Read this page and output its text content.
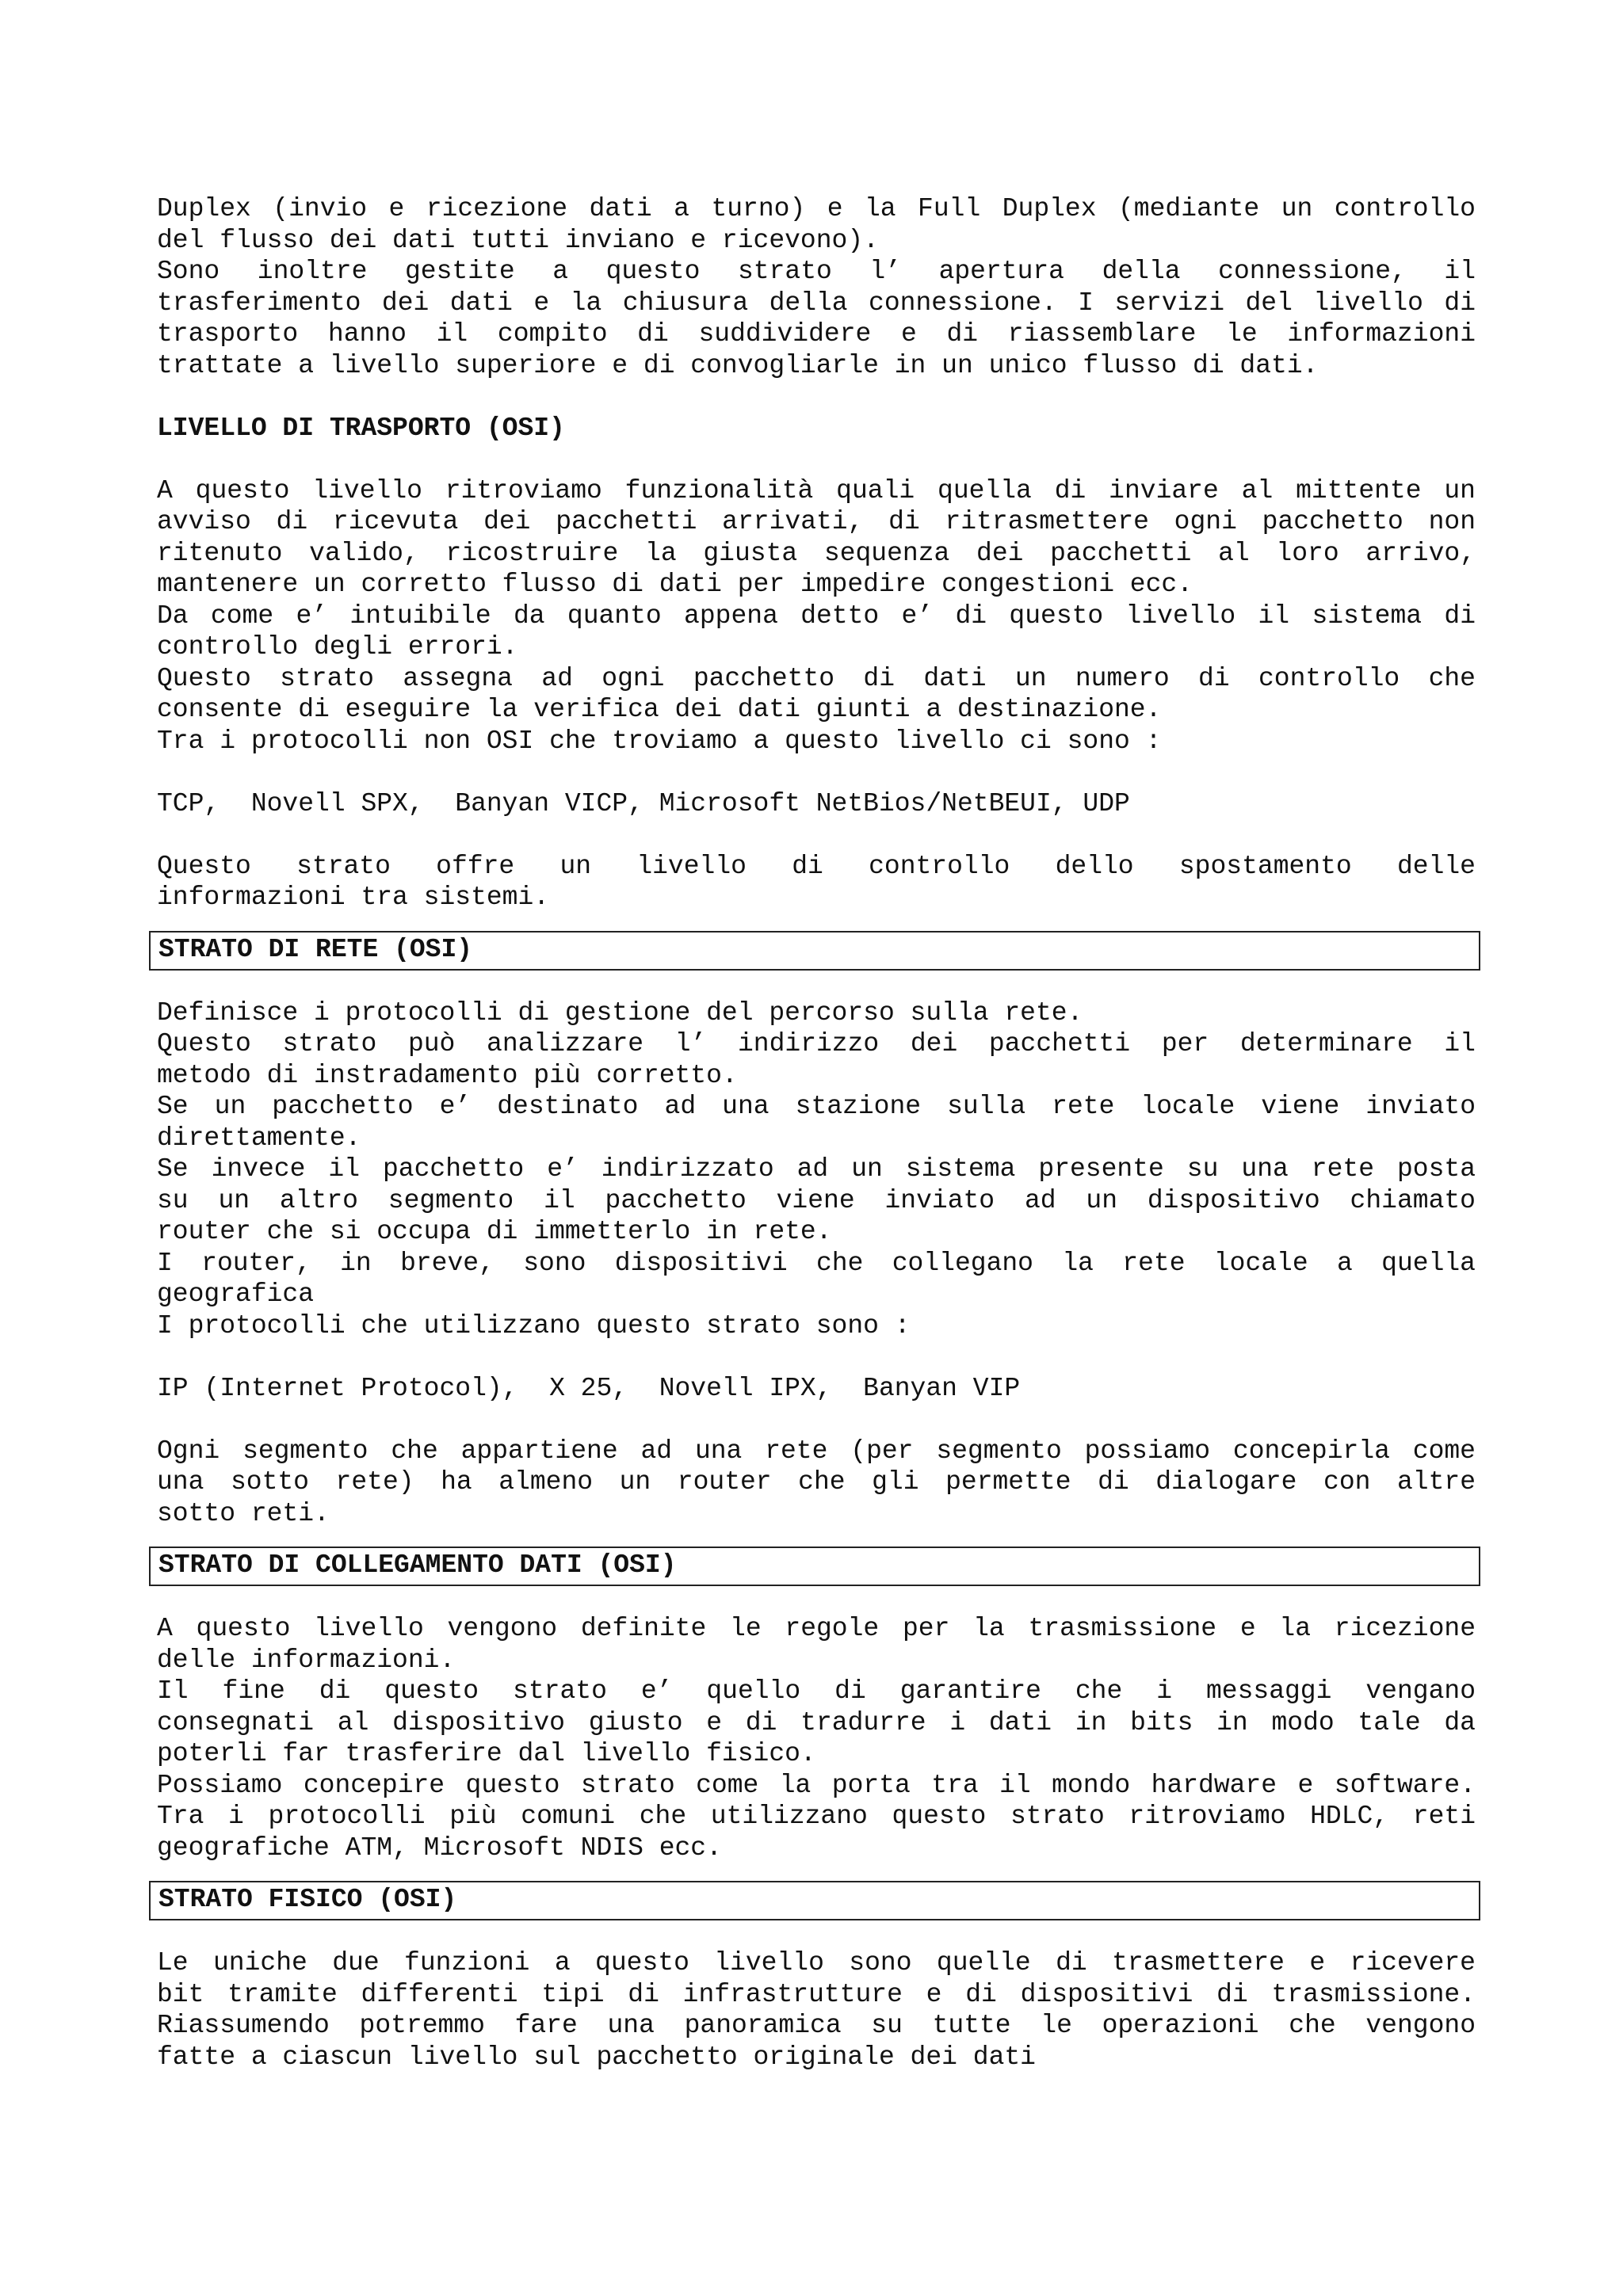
Duplex (invio e ricezione dati a turno) e la Full Duplex (mediante un controllo
del flusso dei dati tutti inviano e ricevono).
Sono inoltre gestite a questo strato l’ apertura della connessione, il
trasferimento dei dati e la chiusura della connessione. I servizi del livello di
trasporto hanno il compito di suddividere e di riassemblare le informazioni
trattate a livello superiore e di convogliarle in un unico flusso di dati.
LIVELLO DI TRASPORTO (OSI)
A questo livello ritroviamo funzionalità quali quella di inviare al mittente un
avviso di ricevuta dei pacchetti arrivati, di ritrasmettere ogni pacchetto non
ritenuto valido, ricostruire la giusta sequenza dei pacchetti al loro arrivo,
mantenere un corretto flusso di dati per impedire congestioni ecc.
Da come e’ intuibile da quanto appena detto e’ di questo livello il sistema di
controllo degli errori.
Questo strato assegna ad ogni pacchetto di dati un numero di controllo che
consente di eseguire la verifica dei dati giunti a destinazione.
Tra i protocolli non OSI che troviamo a questo livello ci sono :
TCP,  Novell SPX,  Banyan VICP, Microsoft NetBios/NetBEUI, UDP
Questo strato offre un livello di controllo dello spostamento delle
informazioni tra sistemi.
STRATO DI RETE (OSI)
Definisce i protocolli di gestione del percorso sulla rete.
Questo strato può analizzare l’ indirizzo dei pacchetti per determinare il
metodo di instradamento più corretto.
Se un pacchetto e’ destinato ad una stazione sulla rete locale viene inviato
direttamente.
Se invece il pacchetto e’ indirizzato ad un sistema presente su una rete posta
su un altro segmento il pacchetto viene inviato ad un dispositivo chiamato
router che si occupa di immetterlo in rete.
I router, in breve, sono dispositivi che collegano la rete locale a quella
geografica
I protocolli che utilizzano questo strato sono :
IP (Internet Protocol),  X 25,  Novell IPX,  Banyan VIP
Ogni segmento che appartiene ad una rete (per segmento possiamo concepirla come
una sotto rete) ha almeno un router che gli permette di dialogare con altre
sotto reti.
STRATO DI COLLEGAMENTO DATI (OSI)
A questo livello vengono definite le regole per la trasmissione e la ricezione
delle informazioni.
Il fine di questo strato e’ quello di garantire che i messaggi vengano
consegnati al dispositivo giusto e di tradurre i dati in bits in modo tale da
poterli far trasferire dal livello fisico.
Possiamo concepire questo strato come la porta tra il mondo hardware e software.
Tra i protocolli più comuni che utilizzano questo strato ritroviamo HDLC, reti
geografiche ATM, Microsoft NDIS ecc.
STRATO FISICO (OSI)
Le uniche due funzioni a questo livello sono quelle di trasmettere e ricevere
bit tramite differenti tipi di infrastrutture e di dispositivi di trasmissione.
Riassumendo potremmo fare una panoramica su tutte le operazioni che vengono
fatte a ciascun livello sul pacchetto originale dei dati
